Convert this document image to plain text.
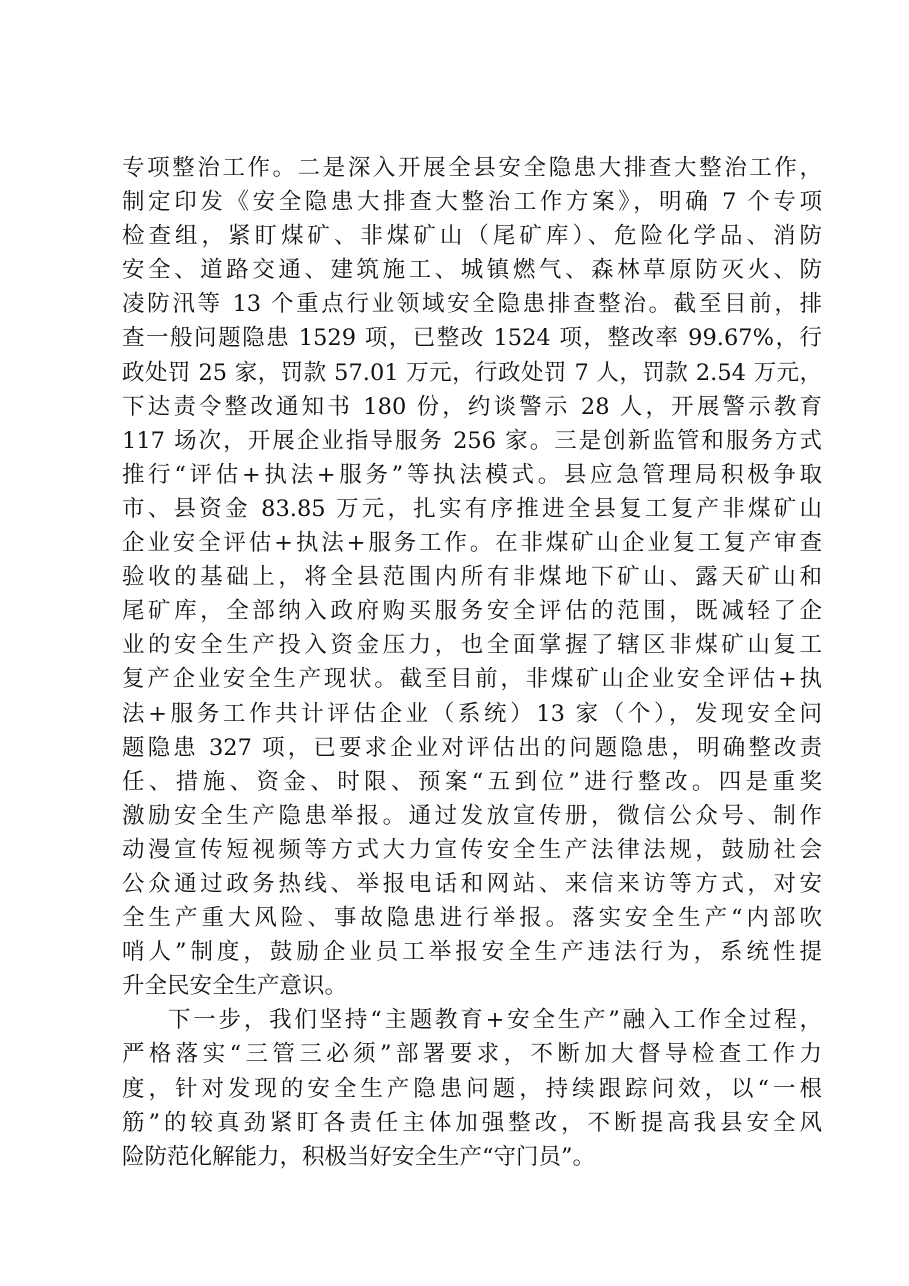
专项整治工作。二是深入开展全县安全隐患大排查大整治工作，
制定印发《安全隐患大排查大整治工作方案》，明确 7 个专项
检查组，紧盯煤矿、非煤矿山（尾矿库）、危险化学品、消防
安全、道路交通、建筑施工、城镇燃气、森林草原防灭火、防
凌防汛等 13 个重点行业领域安全隐患排查整治。截至目前，排
查一般问题隐患 1529 项，已整改 1524 项，整改率 99.67%，行
政处罚 25 家，罚款 57.01 万元，行政处罚 7 人，罚款 2.54 万元，
下达责令整改通知书 180 份，约谈警示 28 人，开展警示教育
117 场次，开展企业指导服务 256 家。三是创新监管和服务方式
推行“评估+执法+服务”等执法模式。县应急管理局积极争取
市、县资金 83.85 万元，扎实有序推进全县复工复产非煤矿山
企业安全评估+执法+服务工作。在非煤矿山企业复工复产审查
验收的基础上，将全县范围内所有非煤地下矿山、露天矿山和
尾矿库，全部纳入政府购买服务安全评估的范围，既减轻了企
业的安全生产投入资金压力，也全面掌握了辖区非煤矿山复工
复产企业安全生产现状。截至目前，非煤矿山企业安全评估+执
法+服务工作共计评估企业（系统）13 家（个），发现安全问
题隐患 327 项，已要求企业对评估出的问题隐患，明确整改责
任、措施、资金、时限、预案“五到位”进行整改。四是重奖
激励安全生产隐患举报。通过发放宣传册，微信公众号、制作
动漫宣传短视频等方式大力宣传安全生产法律法规，鼓励社会
公众通过政务热线、举报电话和网站、来信来访等方式，对安
全生产重大风险、事故隐患进行举报。落实安全生产“内部吹
哨人”制度，鼓励企业员工举报安全生产违法行为，系统性提
升全民安全生产意识。
下一步，我们坚持“主题教育+安全生产”融入工作全过程，
严格落实“三管三必须”部署要求，不断加大督导检查工作力
度，针对发现的安全生产隐患问题，持续跟踪问效，以“一根
筋”的较真劲紧盯各责任主体加强整改，不断提高我县安全风
险防范化解能力，积极当好安全生产“守门员”。
